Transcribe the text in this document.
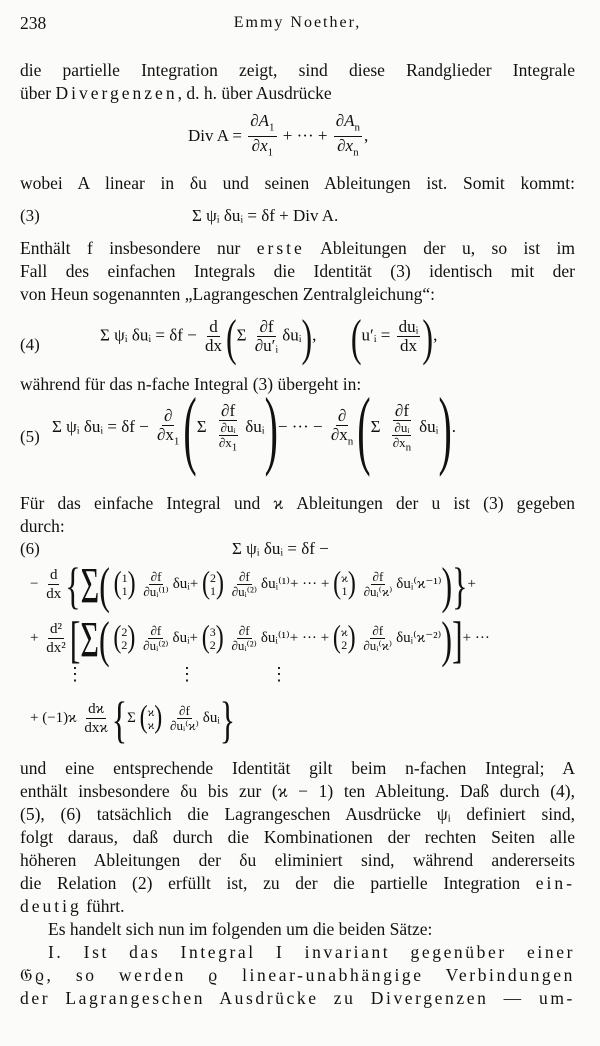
238	Emmy Noether,
die partielle Integration zeigt, sind diese Randglieder Integrale
über Divergenzen, d. h. über Ausdrücke
Div $A = \frac{\partial A_1}{\partial x_1}$ + ··· + $\frac{\partial A_n}{\partial x_n}$ ,
wobei A linear in δu und seinen Ableitungen ist. Somit kommt:
(3)	Σ ψᵢ δuᵢ = δf + Div A.
Enthält f insbesondere nur erste Ableitungen der u, so ist im
Fall des einfachen Integrals die Identität (3) identisch mit der
von Heun sogenannten „Lagrangeschen Zentralgleichung“:
(4)
Σ ψᵢ δuᵢ = $\delta f - \frac{d}{dx} (\Sigma \frac{\partial f}{\text{∂u′ᵢ}}$ δuᵢ),  (u′ᵢ = $\frac{\text{duᵢ}}{dx}$ ),
während für das n-fache Integral (3) übergeht in:
(5)
Σ ψᵢ δuᵢ = $\delta f - \frac{\partial}{\partial x_1} (\Sigma \frac{\partial f}{\frac{\text{∂uᵢ}}{\partial x_1}}$ δuᵢ)− ··· − $\frac{\partial}{\partial x_n} (\Sigma \frac{\partial f}{\frac{\text{∂uᵢ}}{\partial x_n}}$ δuᵢ).
Für das einfache Integral und ϰ Ableitungen der u ist (3) gegeben
durch:
(6)	Σ ψᵢ δuᵢ = δf −
− $\frac{d}{dx} \{\Sigma$( ( 1
1 )
$\frac{\partial f}{\text{∂uᵢ⁽¹⁾}}$ δuᵢ+ ( 2
1 )
$\frac{\partial f}{\text{∂uᵢ⁽²⁾}}$ δuᵢ⁽¹⁾+ ··· + ( ϰ
1 )
$\frac{\partial f}{\text{∂uᵢ⁽ϰ⁾}}$ δuᵢ⁽ϰ⁻¹⁾)}+
+ $\frac{\text{d²}}{\text{dx²}} [\Sigma$( ( 2
2 )
$\frac{\partial f}{\text{∂uᵢ⁽²⁾}}$ δuᵢ+ ( 3
2 )
$\frac{\partial f}{\text{∂uᵢ⁽²⁾}}$ δuᵢ⁽¹⁾+ ··· + ( ϰ
2 )
$\frac{\partial f}{\text{∂uᵢ⁽ϰ⁾}}$ δuᵢ⁽ϰ⁻²⁾)]+ ···
⋮	⋮	⋮
+ $(-1)ϰ \frac{dϰ}{\text{dxϰ}} \{\Sigma$ ( ϰ
ϰ )
$\frac{\partial f}{\text{∂uᵢ⁽ϰ⁾}}$ δuᵢ}
und eine entsprechende Identität gilt beim n-fachen Integral; A
enthält insbesondere δu bis zur (ϰ − 1) ten Ableitung. Daß durch (4),
(5), (6) tatsächlich die Lagrangeschen Ausdrücke ψᵢ definiert sind,
folgt daraus, daß durch die Kombinationen der rechten Seiten alle
höheren Ableitungen der δu eliminiert sind, während andererseits
die Relation (2) erfüllt ist, zu der die partielle Integration ein-
deutig führt.
Es handelt sich nun im folgenden um die beiden Sätze:
I. Ist das Integral I invariant gegenüber einer
𝔊ϱ, so werden ϱ linear-unabhängige Verbindungen
der Lagrangeschen Ausdrücke zu Divergenzen — um-
